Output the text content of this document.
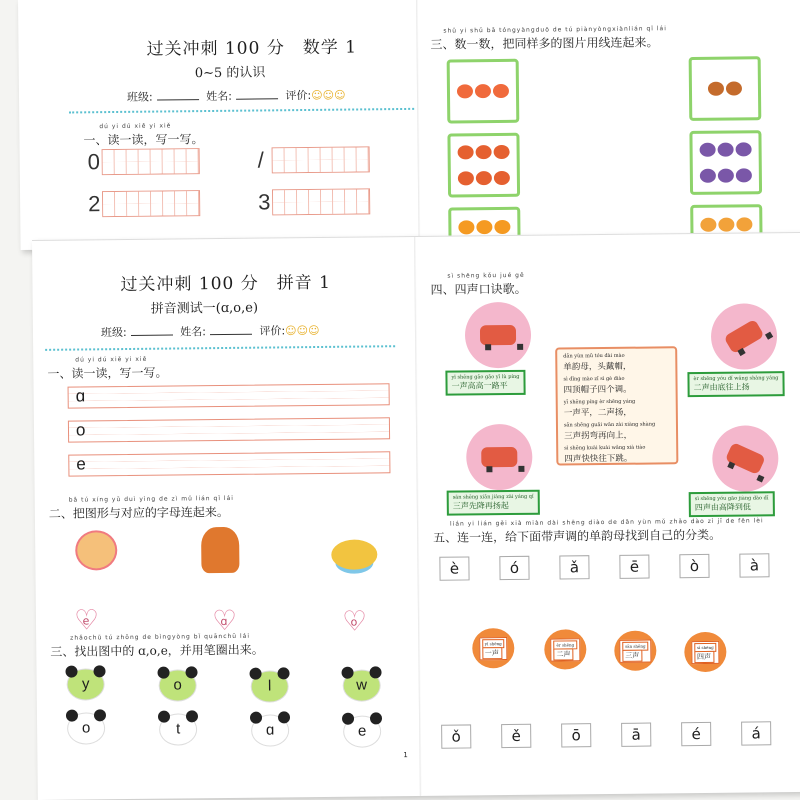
过关冲刺 100 分　数学 1
0~5 的认识
班级:	姓名:	评价:☺☺☺
dú yi dú xiě yi xiě
一、读一读，写一写。
0	/
2	3
shǔ yi shǔ bǎ tóngyàngduō de tú piànyòngxiànlián qǐ lái
三、数一数，把同样多的图片用线连起来。
过关冲刺 100 分　拼音 1
拼音测试一(ɑ,o,e)
班级:	姓名:	评价:☺☺☺
dú yi dú xiě yi xiě
一、读一读，写一写。
ɑ
o
e
bǎ tú xíng yǔ duì yìng de zì mǔ lián qǐ lái
二、把图形与对应的字母连起来。
♡ e	♡ ɑ	♡ o
zhǎochū tú zhōng de bìngyòng bǐ quānchū lái
三、找出图中的 ɑ,o,e，并用笔圈出来。
y	o	l	w
o	t	ɑ	e
1
sì shēng kǒu jué gē
四、四声口诀歌。
yī shēng gāo gāo yī lù píng
一声高高一路平
èr shēng yóu dǐ wǎng shàng yáng
二声由底往上扬
sān shēng xiān jiàng zài yáng qǐ
三声先降再扬起
sì shēng yóu gāo jiàng dào dī
四声由高降到低
dān yùn mǔ tóu dài mào
单韵母，头戴帽，
sì dǐng mào zǐ sì gè diào
四顶帽子四个调。
yī shēng píng èr shēng yáng
一声平，二声扬，
sān shēng guǎi wān zài xiàng shàng
三声拐弯再向上，
sì shēng kuài kuài wǎng xià tiào
四声快快往下跳。
lián yi lián gěi xià miàn dài shēng diào de dān yùn mǔ zhǎo dào zì jǐ de fēn lèi
五、连一连，给下面带声调的单韵母找到自己的分类。
è	ó	ǎ	ē	ò	à
yī shēng
一声
èr shēng
二声
sān shēng
三声
sì shēng
四声
ǒ	ě	ō	ā	é	á
